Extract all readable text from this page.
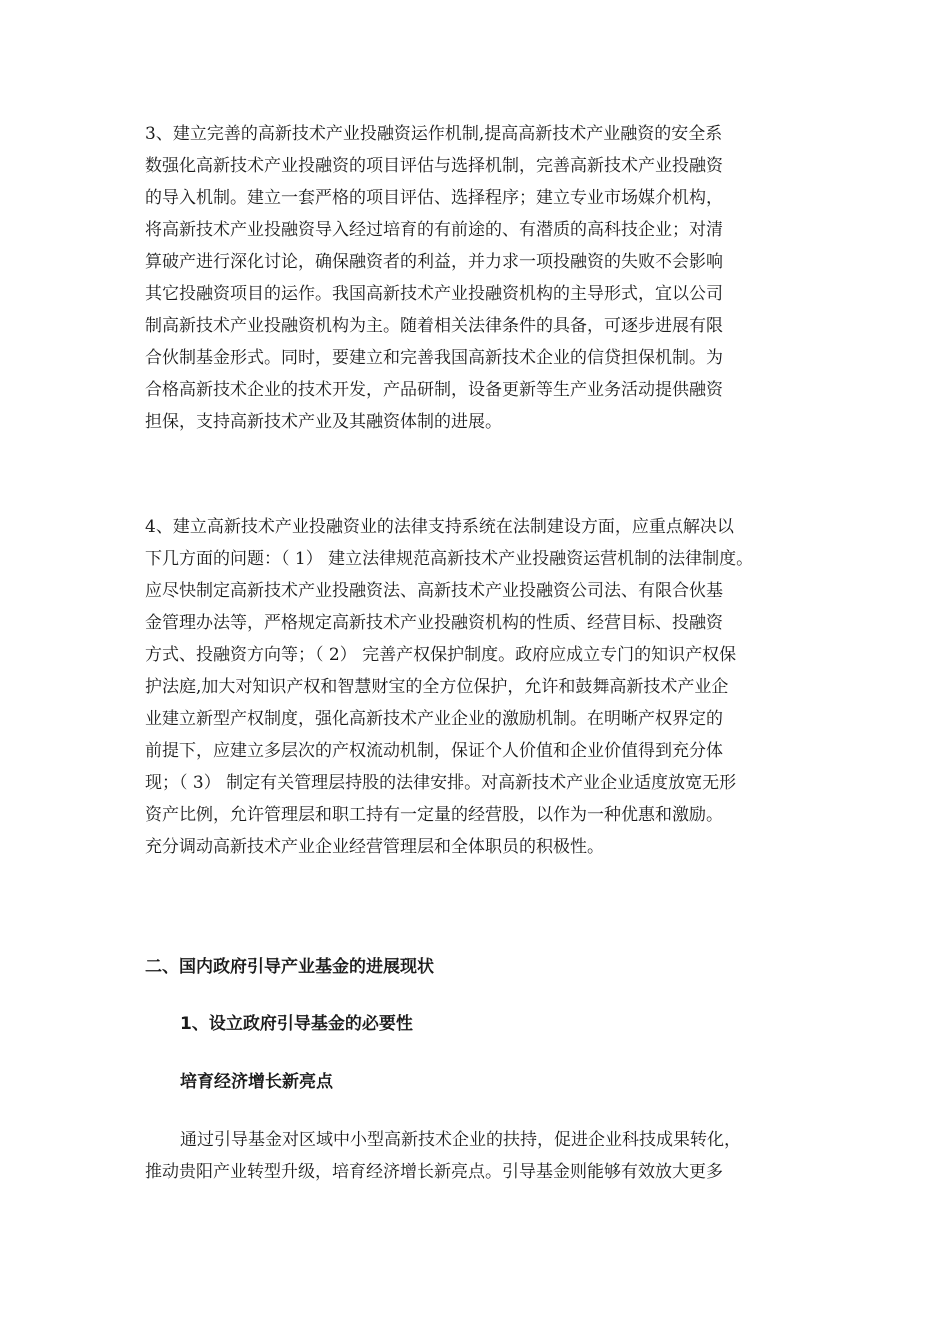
3、建立完善的高新技术产业投融资运作机制,提高高新技术产业融资的安全系
数强化高新技术产业投融资的项目评估与选择机制，完善高新技术产业投融资
的导入机制。建立一套严格的项目评估、选择程序；建立专业市场媒介机构，
将高新技术产业投融资导入经过培育的有前途的、有潜质的高科技企业；对清
算破产进行深化讨论，确保融资者的利益，并力求一项投融资的失败不会影响
其它投融资项目的运作。我国高新技术产业投融资机构的主导形式，宜以公司
制高新技术产业投融资机构为主。随着相关法律条件的具备，可逐步进展有限
合伙制基金形式。同时，要建立和完善我国高新技术企业的信贷担保机制。为
合格高新技术企业的技术开发，产品研制，设备更新等生产业务活动提供融资
担保，支持高新技术产业及其融资体制的进展。
4、建立高新技术产业投融资业的法律支持系统在法制建设方面，应重点解决以
下几方面的问题：（ 1） 建立法律规范高新技术产业投融资运营机制的法律制度。
应尽快制定高新技术产业投融资法、高新技术产业投融资公司法、有限合伙基
金管理办法等，严格规定高新技术产业投融资机构的性质、经营目标、投融资
方式、投融资方向等；（ 2） 完善产权保护制度。政府应成立专门的知识产权保
护法庭,加大对知识产权和智慧财宝的全方位保护，允许和鼓舞高新技术产业企
业建立新型产权制度，强化高新技术产业企业的激励机制。在明晰产权界定的
前提下，应建立多层次的产权流动机制，保证个人价值和企业价值得到充分体
现；（ 3） 制定有关管理层持股的法律安排。对高新技术产业企业适度放宽无形
资产比例，允许管理层和职工持有一定量的经营股，以作为一种优惠和激励。
充分调动高新技术产业企业经营管理层和全体职员的积极性。
二、国内政府引导产业基金的进展现状
1、设立政府引导基金的必要性
培育经济增长新亮点
通过引导基金对区域中小型高新技术企业的扶持，促进企业科技成果转化，
推动贵阳产业转型升级，培育经济增长新亮点。引导基金则能够有效放大更多
